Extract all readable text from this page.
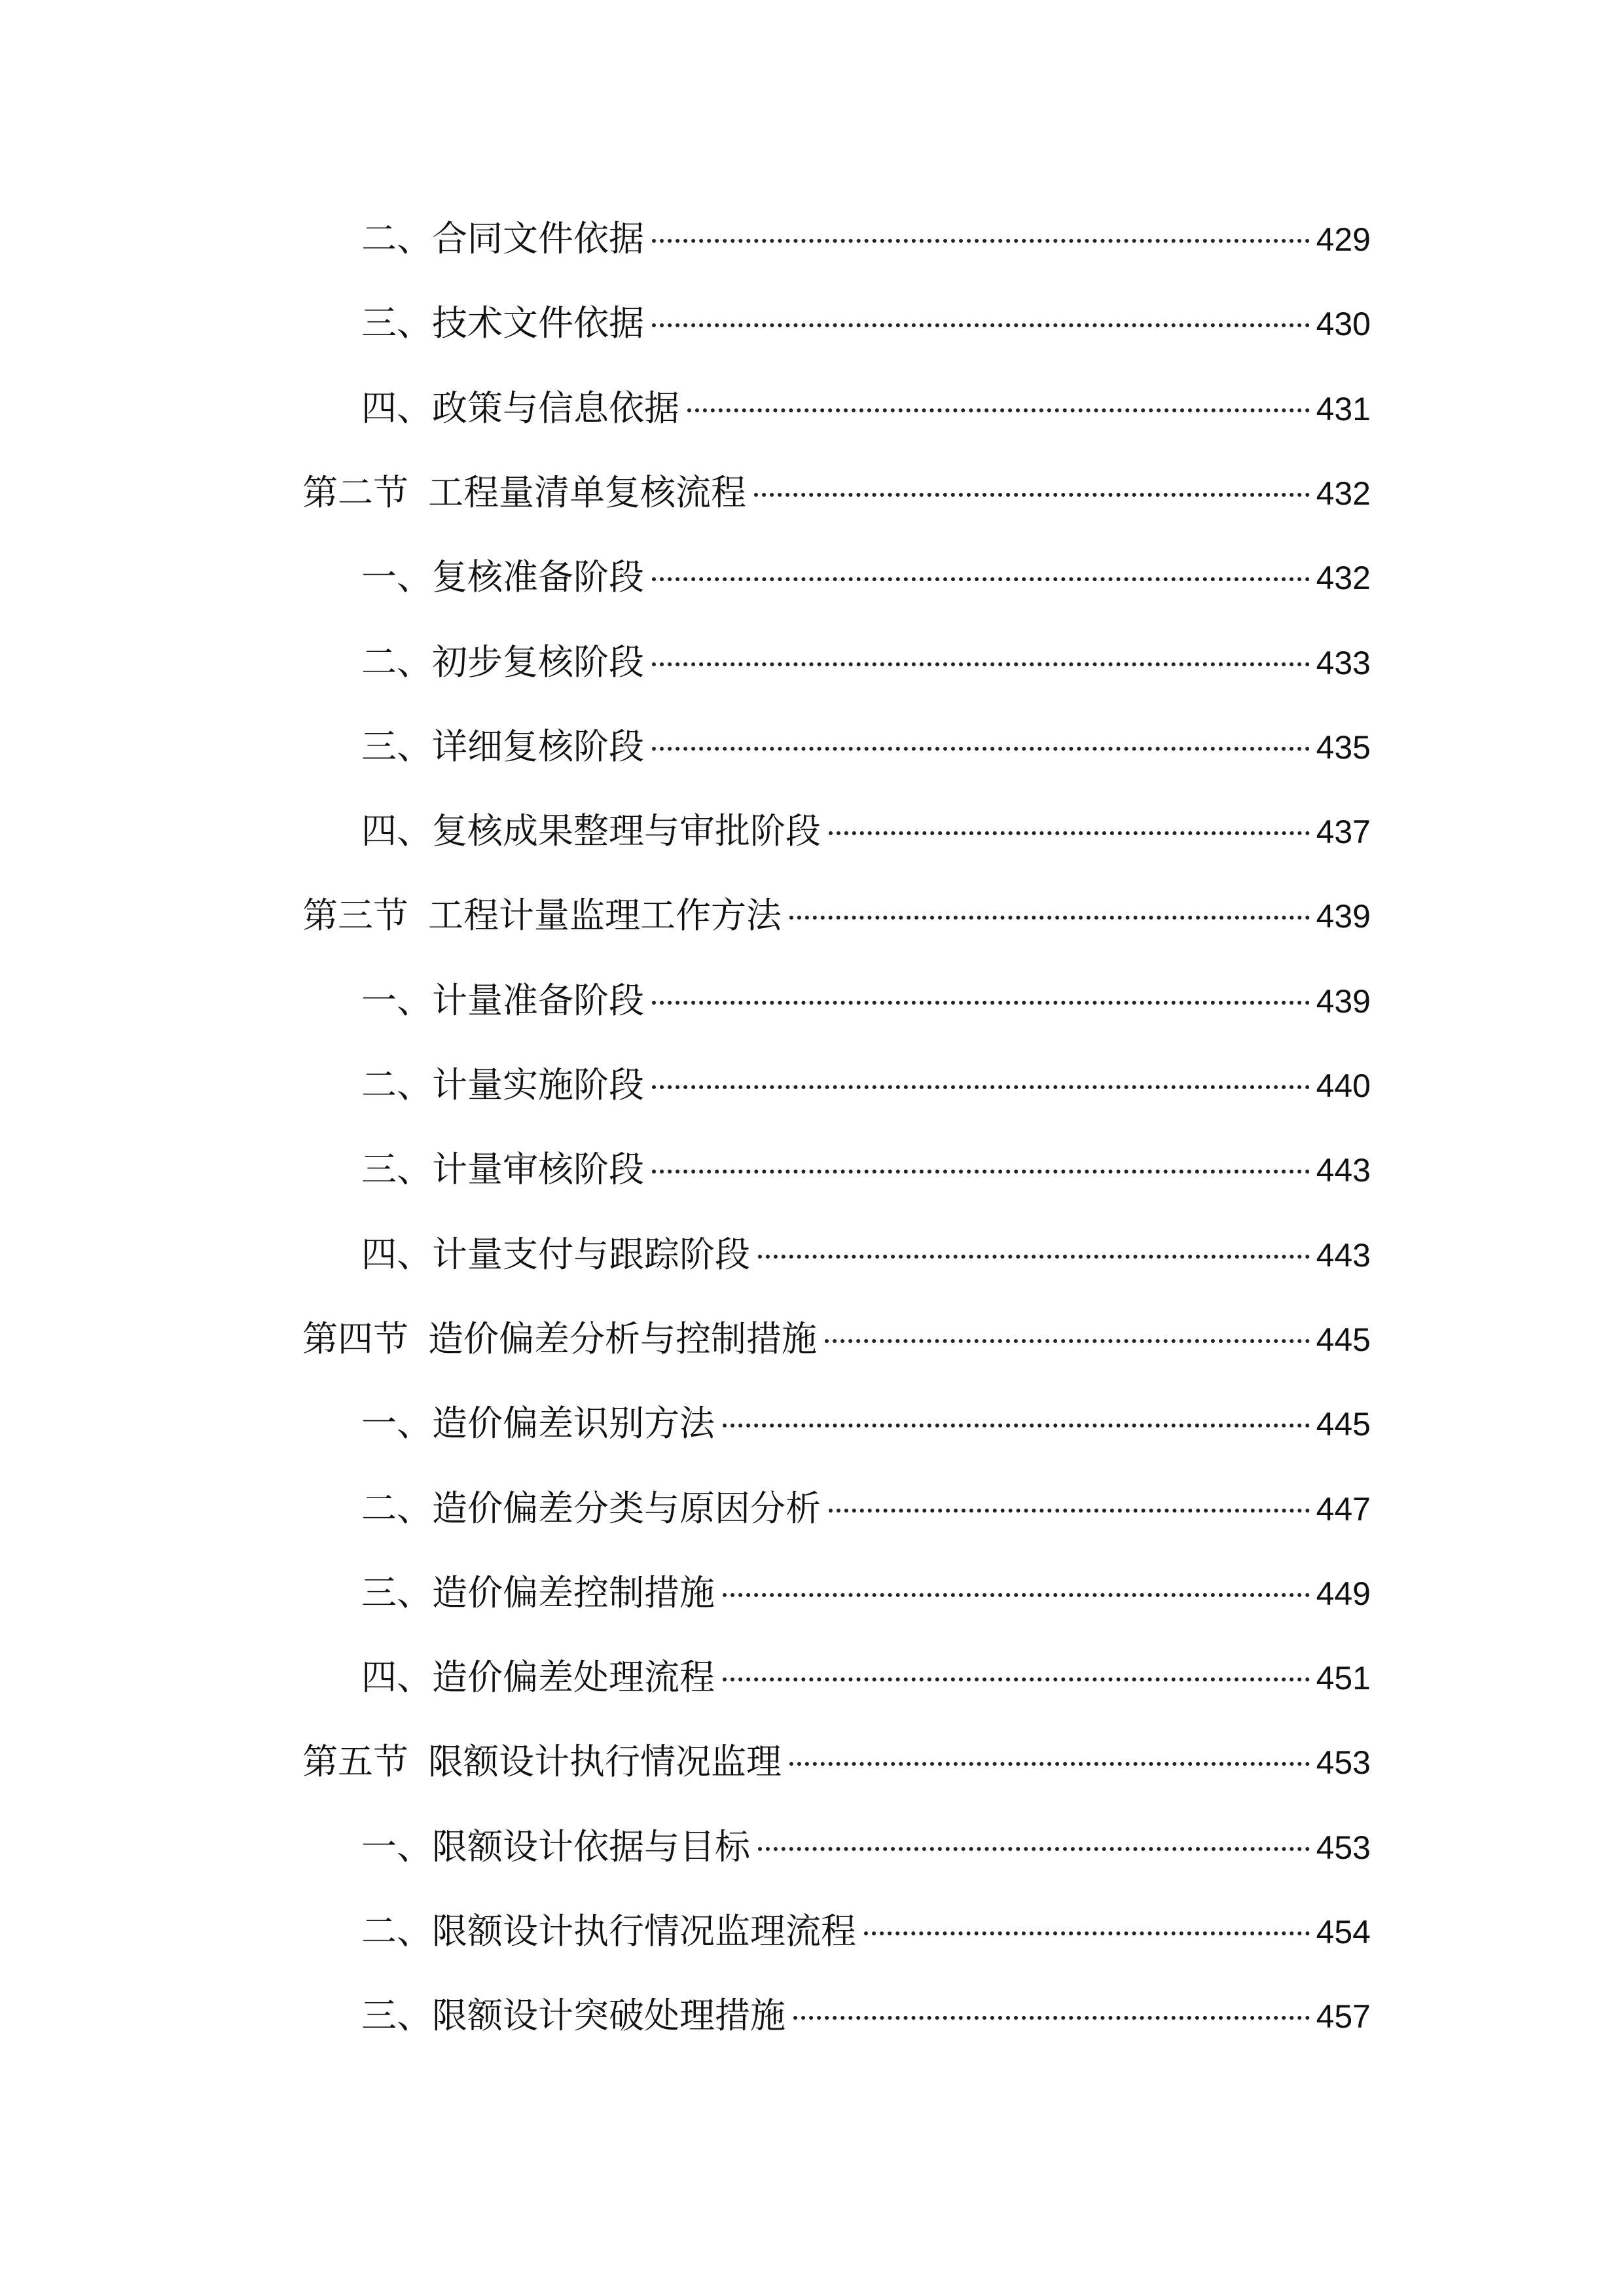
二、合同文件依据	429
三、技术文件依据	430
四、政策与信息依据	431
第二节 工程量清单复核流程	432
一、复核准备阶段	432
二、初步复核阶段	433
三、详细复核阶段	435
四、复核成果整理与审批阶段	437
第三节 工程计量监理工作方法	439
一、计量准备阶段	439
二、计量实施阶段	440
三、计量审核阶段	443
四、计量支付与跟踪阶段	443
第四节 造价偏差分析与控制措施	445
一、造价偏差识别方法	445
二、造价偏差分类与原因分析	447
三、造价偏差控制措施	449
四、造价偏差处理流程	451
第五节 限额设计执行情况监理	453
一、限额设计依据与目标	453
二、限额设计执行情况监理流程	454
三、限额设计突破处理措施	457
